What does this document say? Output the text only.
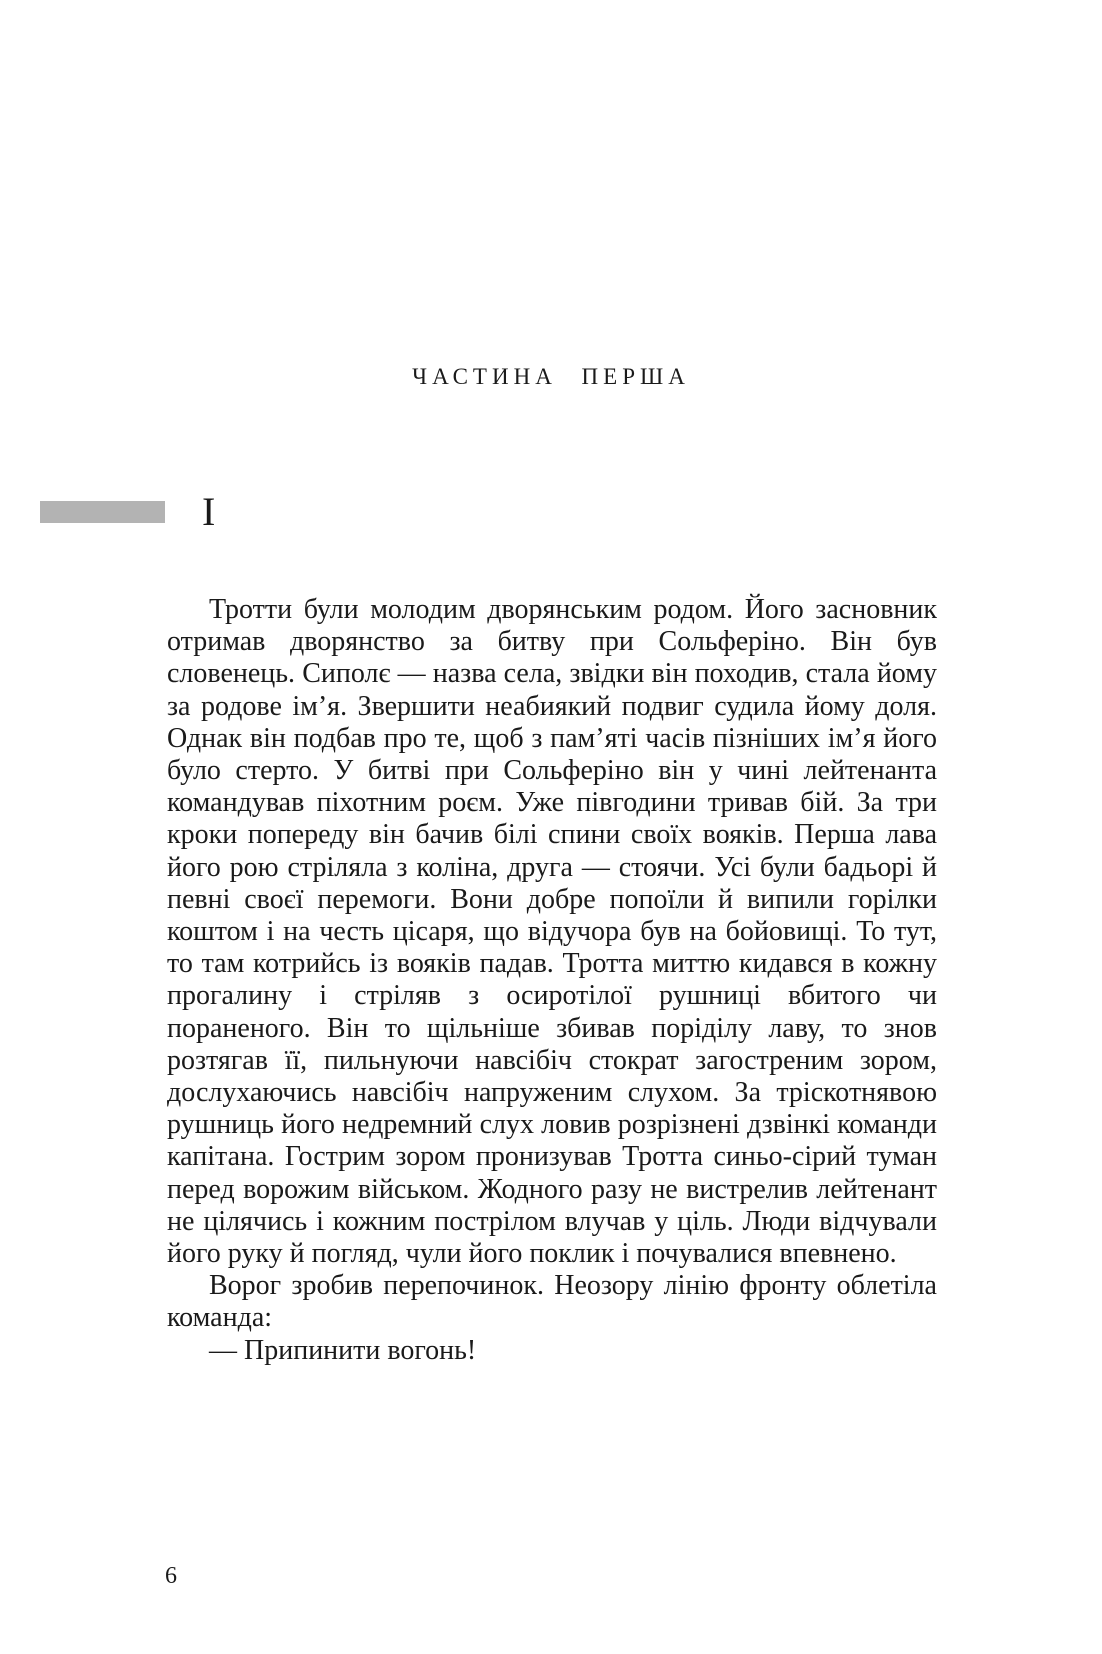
ЧАСТИНА ПЕРША
I

Тротти були молодим дворянським родом. Його засновник отримав дворянство за битву при Сольферіно. Він був словенець. Сиполє — назва села, звідки він походив, стала йому за родове ім’я. Звершити неабиякий подвиг судила йому доля. Однак він подбав про те, щоб з пам’яті часів пізніших ім’я його було стерто. У битві при Сольферіно він у чині лейтенанта командував піхотним роєм. Уже півгодини тривав бій. За три кроки попереду він бачив білі спини своїх вояків. Перша лава його рою стріляла з коліна, друга — стоячи. Усі були бадьорі й певні своєї перемоги. Вони добре попоїли й випили горілки коштом і на честь цісаря, що відучора був на бойовищі. То тут, то там котрийсь із вояків падав. Тротта миттю кидався в кожну прогалину і стріляв з осиротілої рушниці вбитого чи пораненого. Він то щільніше збивав поріділу лаву, то знов розтягав її, пильнуючи навсібіч стократ загостреним зором, дослухаючись навсібіч напруженим слухом. За тріскотнявою рушниць його недремний слух ловив розрізнені дзвінкі команди капітана. Гострим зором пронизував Тротта синьо-сірий туман перед ворожим військом. Жодного разу не вистрелив лейтенант не цілячись і кожним пострілом влучав у ціль. Люди відчували його руку й погляд, чули його поклик і почувалися впевнено.

Ворог зробив перепочинок. Неозору лінію фронту облетіла команда:

— Припинити вогонь!

6
